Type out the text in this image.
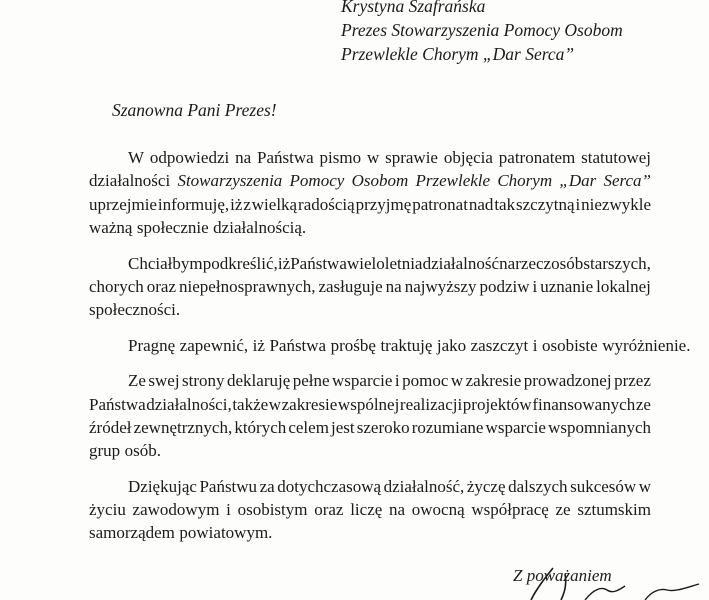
Krystyna Szafrańska
Prezes Stowarzyszenia Pomocy Osobom
Przewlekle Chorym „Dar Serca”
Szanowna Pani Prezes!
W odpowiedzi na Państwa pismo w sprawie objęcia patronatem statutowej
działalności Stowarzyszenia Pomocy Osobom Przewlekle Chorym „Dar Serca”
uprzejmie informuję, iż z wielką radością przyjmę patronat nad tak szczytną i niezwykle
ważną społecznie działalnością.
Chciałbym podkreślić, iż Państwa wieloletnia działalność na rzecz osób starszych,
chorych oraz niepełnosprawnych, zasługuje na najwyższy podziw i uznanie lokalnej
społeczności.
Pragnę zapewnić, iż Państwa prośbę traktuję jako zaszczyt i osobiste wyróżnienie.
Ze swej strony deklaruję pełne wsparcie i pomoc w zakresie prowadzonej przez
Państwa działalności, także w zakresie wspólnej realizacji projektów finansowanych ze
źródeł zewnętrznych, których celem jest szeroko rozumiane wsparcie wspomnianych
grup osób.
Dziękując Państwu za dotychczasową działalność, życzę dalszych sukcesów w
życiu zawodowym i osobistym oraz liczę na owocną współpracę ze sztumskim
samorządem powiatowym.
Z poważaniem
